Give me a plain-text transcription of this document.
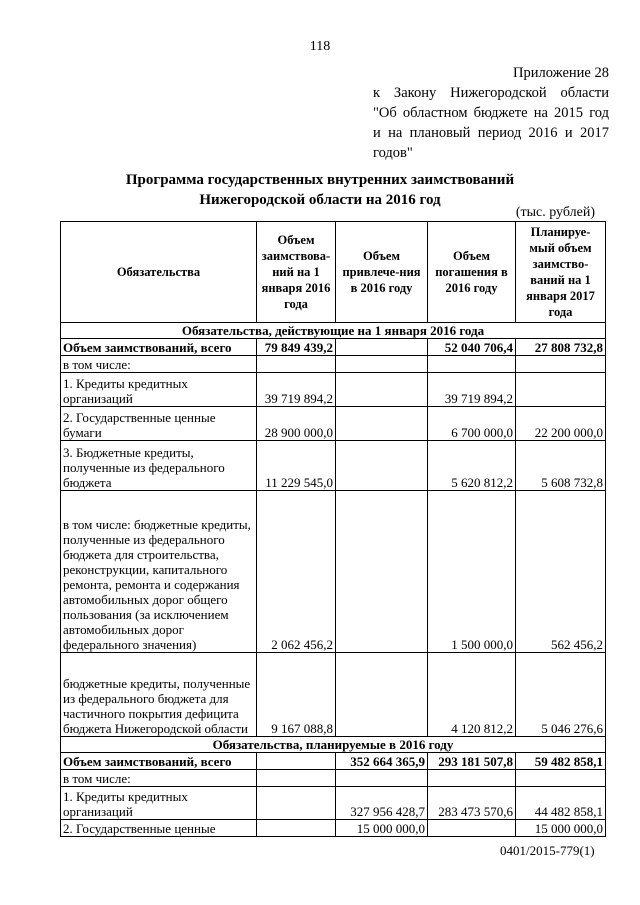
118
Приложение 28
к Закону Нижегородской области
"Об областном бюджете на 2015 год
и на плановый период 2016 и 2017
годов"
Программа государственных внутренних заимствований
Нижегородской области на 2016 год
(тыс. рублей)
Обязательства	Объем заимствова-ний на 1 января 2016 года	Объем привлече-ния в 2016 году	Объем погашения в 2016 году	Планируе-мый объем заимство-ваний на 1 января 2017 года
Обязательства, действующие на 1 января 2016 года				
Объем заимствований, всего	79 849 439,2		52 040 706,4	27 808 732,8
в том числе:				
1. Кредиты кредитных организаций	39 719 894,2		39 719 894,2	
2. Государственные ценные бумаги	28 900 000,0		6 700 000,0	22 200 000,0
3. Бюджетные кредиты, полученные из федерального бюджета	11 229 545,0		5 620 812,2	5 608 732,8
в том числе: бюджетные кредиты, полученные из федерального бюджета для строительства, реконструкции, капитального ремонта, ремонта и содержания автомобильных дорог общего пользования (за исключением автомобильных дорог федерального значения)	2 062 456,2		1 500 000,0	562 456,2
бюджетные кредиты, полученные из федерального бюджета для частичного покрытия дефицита бюджета Нижегородской области	9 167 088,8		4 120 812,2	5 046 276,6
Обязательства, планируемые в 2016 году				
Объем заимствований, всего		352 664 365,9	293 181 507,8	59 482 858,1
в том числе:				
1. Кредиты кредитных организаций		327 956 428,7	283 473 570,6	44 482 858,1
2. Государственные ценные		15 000 000,0		15 000 000,0
0401/2015-779(1)
